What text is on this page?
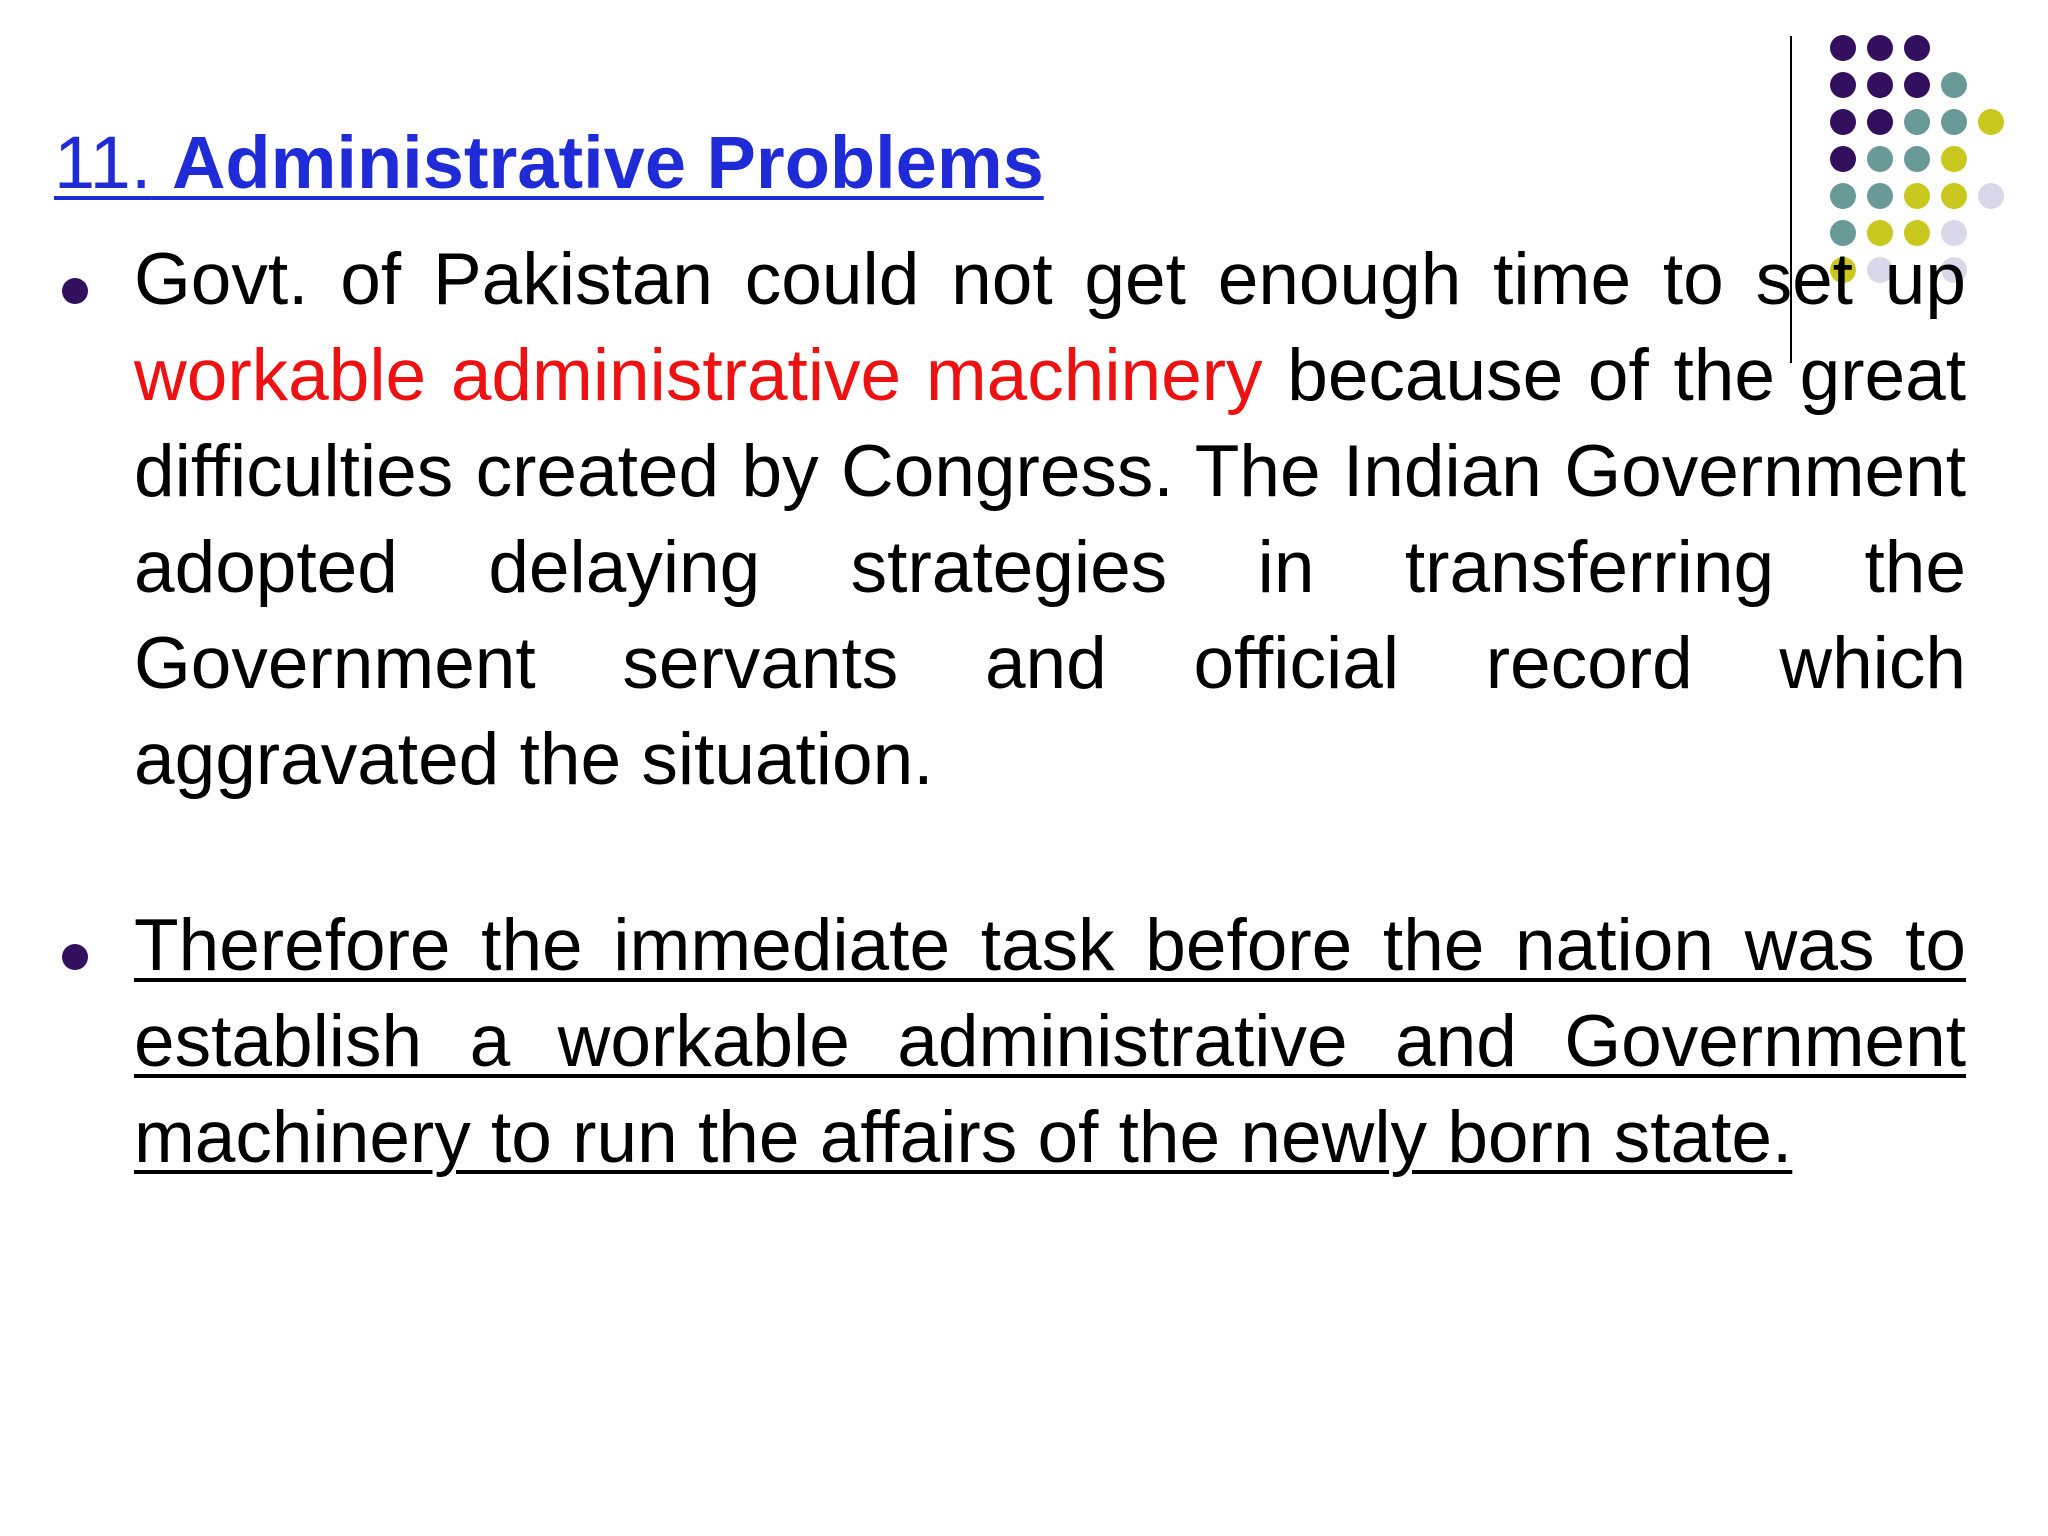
11. Administrative Problems
Govt. of Pakistan could not get enough time to set up workable administrative machinery because of the great difficulties created by Congress. The Indian Government adopted delaying strategies in transferring the Government servants and official record which aggravated the situation.
Therefore the immediate task before the nation was to establish a workable administrative and Government machinery to run the affairs of the newly born state.
